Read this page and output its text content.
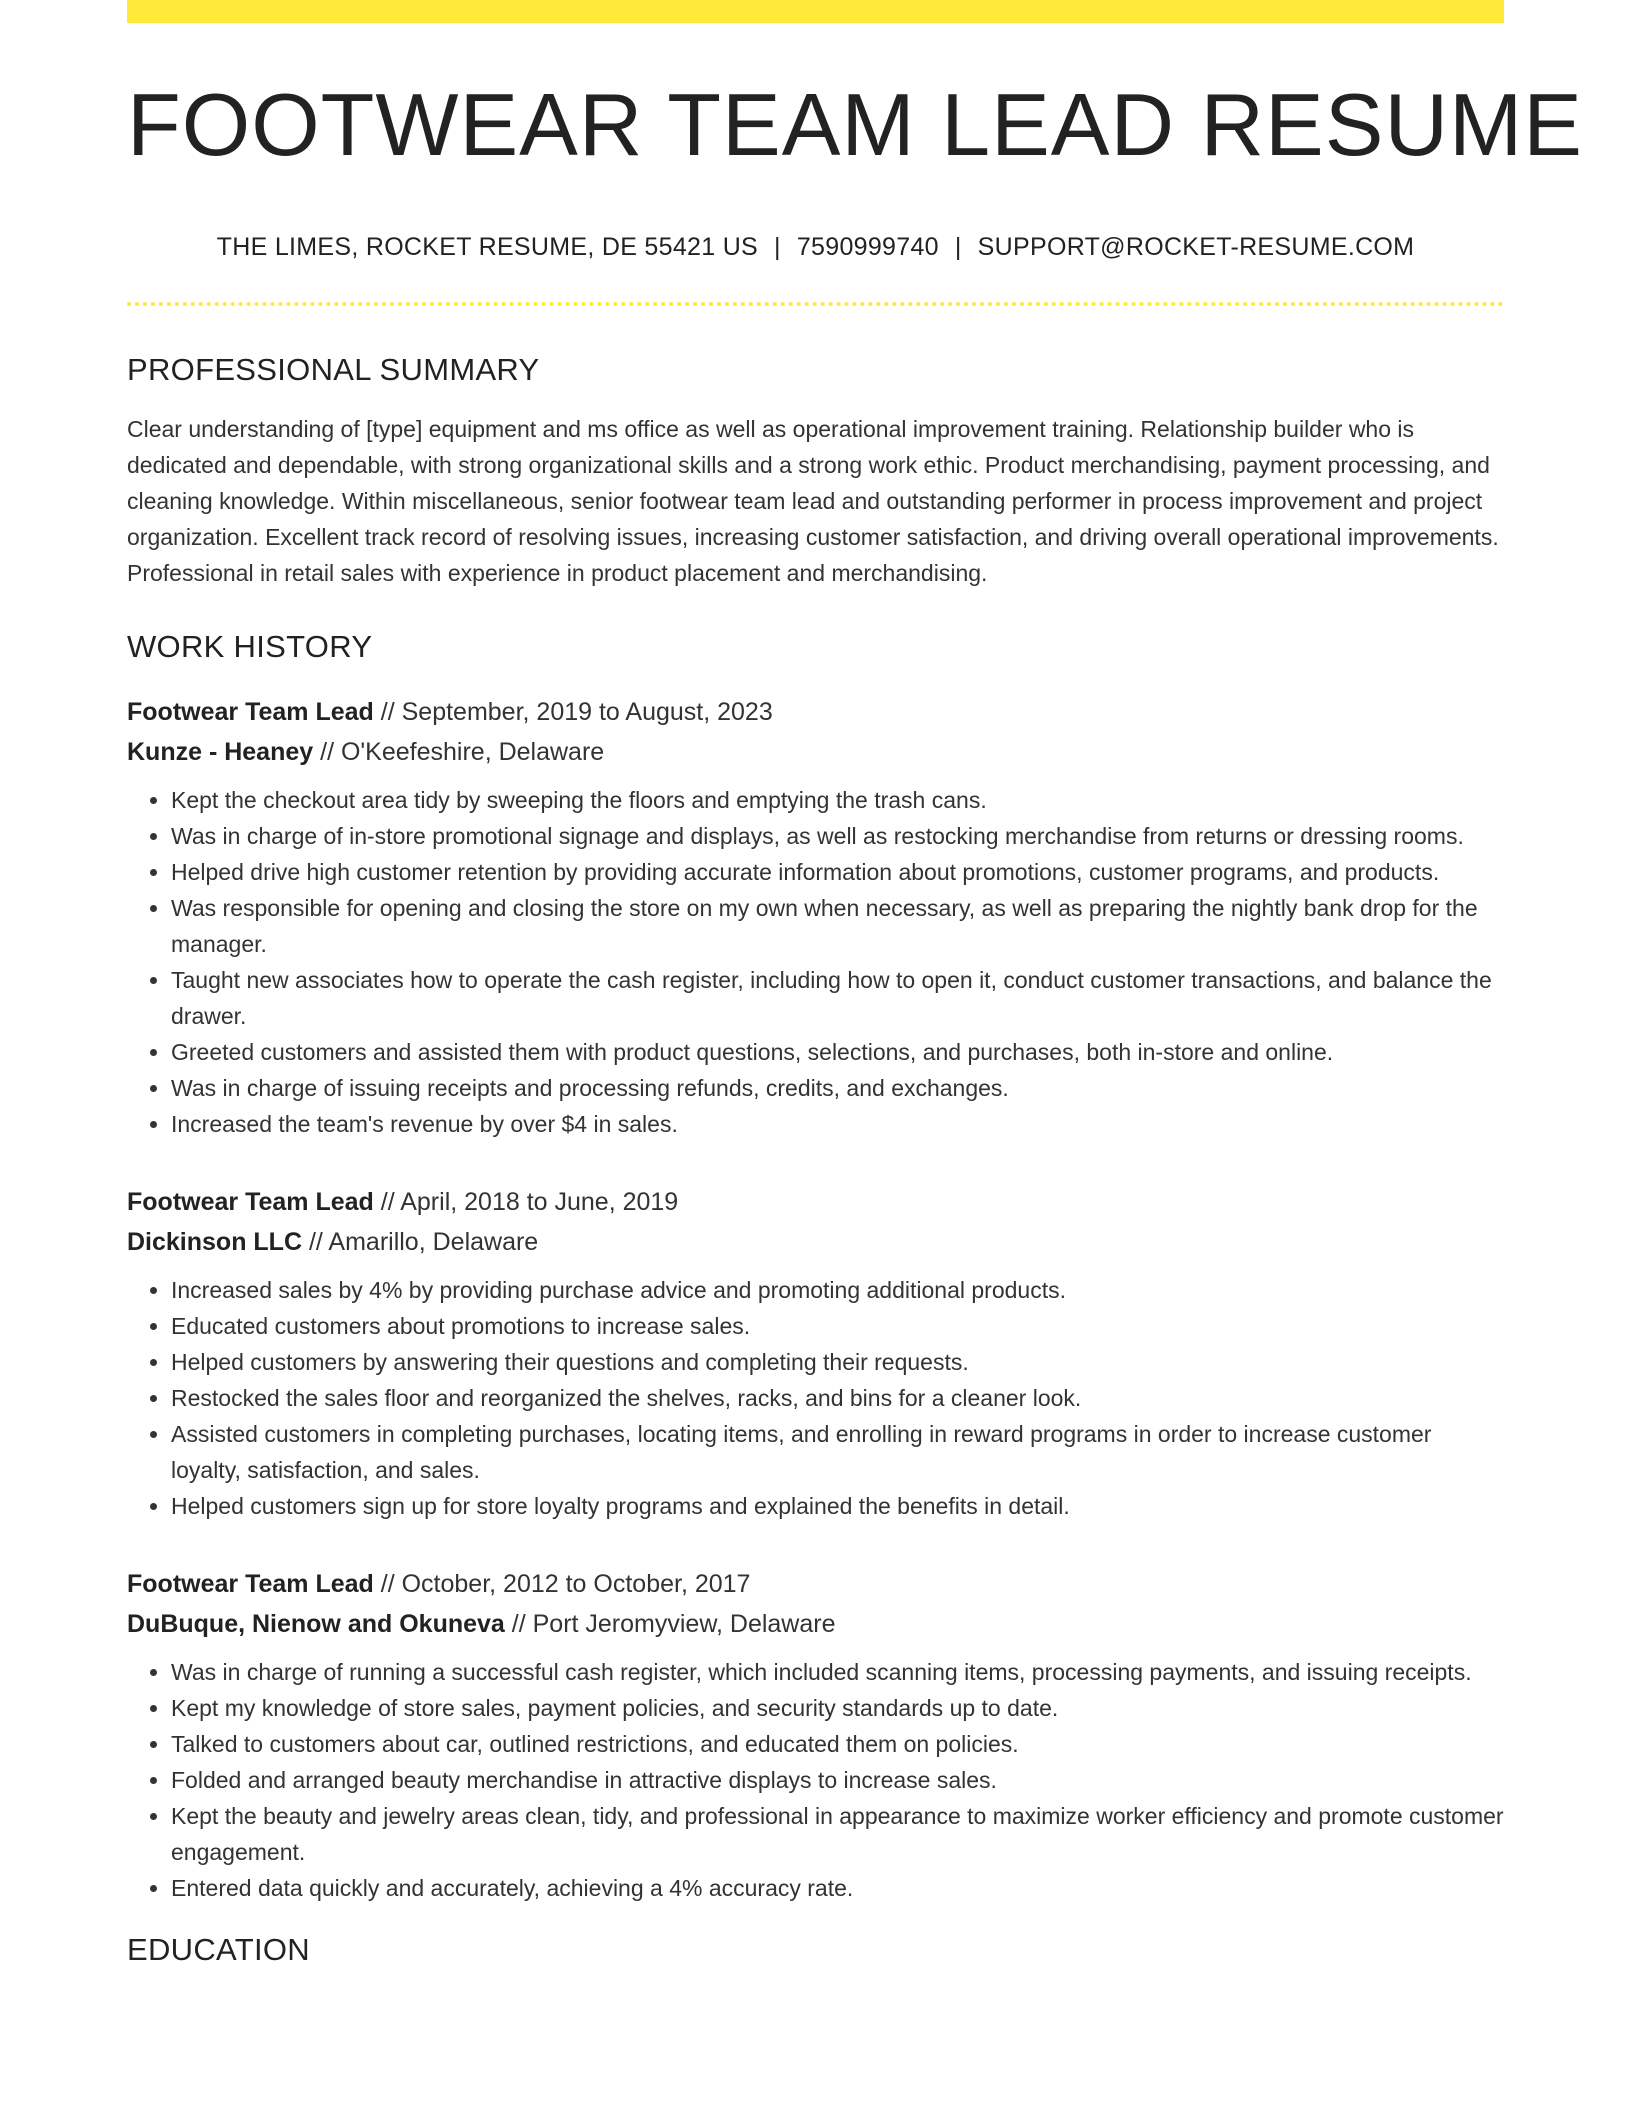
FOOTWEAR TEAM LEAD RESUME
THE LIMES, ROCKET RESUME, DE 55421 US | 7590999740 | SUPPORT@ROCKET-RESUME.COM
PROFESSIONAL SUMMARY

Clear understanding of [type] equipment and ms office as well as operational improvement training. Relationship builder who is dedicated and dependable, with strong organizational skills and a strong work ethic. Product merchandising, payment processing, and cleaning knowledge. Within miscellaneous, senior footwear team lead and outstanding performer in process improvement and project organization. Excellent track record of resolving issues, increasing customer satisfaction, and driving overall operational improvements. Professional in retail sales with experience in product placement and merchandising.

WORK HISTORY
Footwear Team Lead // September, 2019 to August, 2023
Kunze - Heaney // O'Keefeshire, Delaware
• Kept the checkout area tidy by sweeping the floors and emptying the trash cans.
• Was in charge of in-store promotional signage and displays, as well as restocking merchandise from returns or dressing rooms.
• Helped drive high customer retention by providing accurate information about promotions, customer programs, and products.
• Was responsible for opening and closing the store on my own when necessary, as well as preparing the nightly bank drop for the manager.
• Taught new associates how to operate the cash register, including how to open it, conduct customer transactions, and balance the drawer.
• Greeted customers and assisted them with product questions, selections, and purchases, both in-store and online.
• Was in charge of issuing receipts and processing refunds, credits, and exchanges.
• Increased the team's revenue by over $4 in sales.
Footwear Team Lead // April, 2018 to June, 2019
Dickinson LLC // Amarillo, Delaware
• Increased sales by 4% by providing purchase advice and promoting additional products.
• Educated customers about promotions to increase sales.
• Helped customers by answering their questions and completing their requests.
• Restocked the sales floor and reorganized the shelves, racks, and bins for a cleaner look.
• Assisted customers in completing purchases, locating items, and enrolling in reward programs in order to increase customer loyalty, satisfaction, and sales.
• Helped customers sign up for store loyalty programs and explained the benefits in detail.
Footwear Team Lead // October, 2012 to October, 2017
DuBuque, Nienow and Okuneva // Port Jeromyview, Delaware
• Was in charge of running a successful cash register, which included scanning items, processing payments, and issuing receipts.
• Kept my knowledge of store sales, payment policies, and security standards up to date.
• Talked to customers about car, outlined restrictions, and educated them on policies.
• Folded and arranged beauty merchandise in attractive displays to increase sales.
• Kept the beauty and jewelry areas clean, tidy, and professional in appearance to maximize worker efficiency and promote customer engagement.
• Entered data quickly and accurately, achieving a 4% accuracy rate.
EDUCATION
